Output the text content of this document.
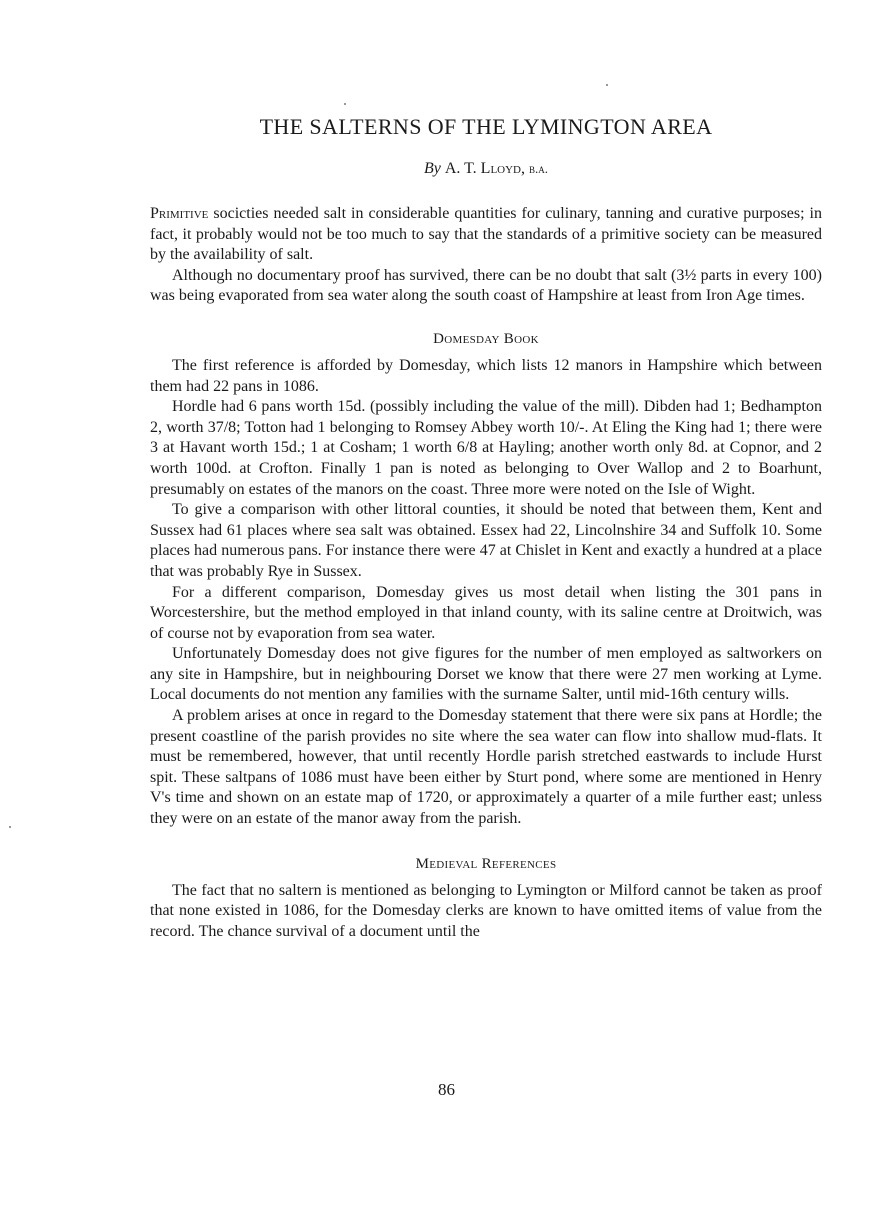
THE SALTERNS OF THE LYMINGTON AREA
By A. T. Lloyd, b.a.

Primitive socicties needed salt in considerable quantities for culinary, tanning and curative purposes; in fact, it probably would not be too much to say that the standards of a primitive society can be measured by the availability of salt.

Although no documentary proof has survived, there can be no doubt that salt (3½ parts in every 100) was being evaporated from sea water along the south coast of Hampshire at least from Iron Age times.

Domesday Book

The first reference is afforded by Domesday, which lists 12 manors in Hampshire which between them had 22 pans in 1086.

Hordle had 6 pans worth 15d. (possibly including the value of the mill). Dibden had 1; Bedhampton 2, worth 37/8; Totton had 1 belonging to Romsey Abbey worth 10/-. At Eling the King had 1; there were 3 at Havant worth 15d.; 1 at Cosham; 1 worth 6/8 at Hayling; another worth only 8d. at Copnor, and 2 worth 100d. at Crofton. Finally 1 pan is noted as belonging to Over Wallop and 2 to Boarhunt, presumably on estates of the manors on the coast. Three more were noted on the Isle of Wight.

To give a comparison with other littoral counties, it should be noted that between them, Kent and Sussex had 61 places where sea salt was obtained. Essex had 22, Lincolnshire 34 and Suffolk 10. Some places had numerous pans. For instance there were 47 at Chislet in Kent and exactly a hundred at a place that was probably Rye in Sussex.

For a different comparison, Domesday gives us most detail when listing the 301 pans in Worcestershire, but the method employed in that inland county, with its saline centre at Droitwich, was of course not by evaporation from sea water.

Unfortunately Domesday does not give figures for the number of men employed as saltworkers on any site in Hampshire, but in neighbouring Dorset we know that there were 27 men working at Lyme. Local documents do not mention any families with the surname Salter, until mid-16th century wills.

A problem arises at once in regard to the Domesday statement that there were six pans at Hordle; the present coastline of the parish provides no site where the sea water can flow into shallow mud-flats. It must be remembered, however, that until recently Hordle parish stretched eastwards to include Hurst spit. These saltpans of 1086 must have been either by Sturt pond, where some are mentioned in Henry V's time and shown on an estate map of 1720, or approximately a quarter of a mile further east; unless they were on an estate of the manor away from the parish.

Medieval References

The fact that no saltern is mentioned as belonging to Lymington or Milford cannot be taken as proof that none existed in 1086, for the Domesday clerks are known to have omitted items of value from the record. The chance survival of a document until the

86
